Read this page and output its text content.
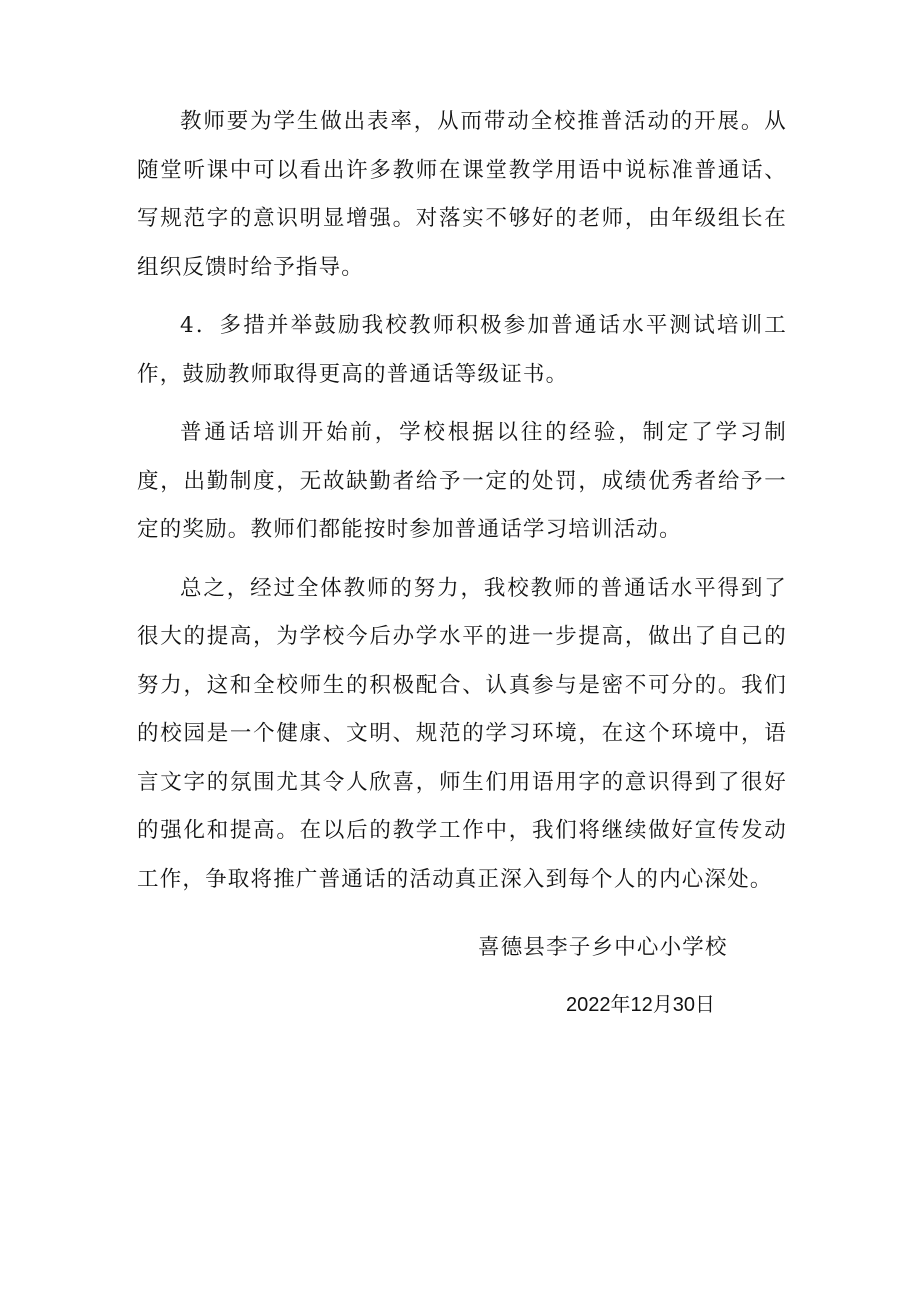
教师要为学生做出表率，从而带动全校推普活动的开展。从随堂听课中可以看出许多教师在课堂教学用语中说标准普通话、写规范字的意识明显增强。对落实不够好的老师，由年级组长在组织反馈时给予指导。

4．多措并举鼓励我校教师积极参加普通话水平测试培训工作，鼓励教师取得更高的普通话等级证书。

普通话培训开始前，学校根据以往的经验，制定了学习制度，出勤制度，无故缺勤者给予一定的处罚，成绩优秀者给予一定的奖励。教师们都能按时参加普通话学习培训活动。

总之，经过全体教师的努力，我校教师的普通话水平得到了很大的提高，为学校今后办学水平的进一步提高，做出了自己的努力，这和全校师生的积极配合、认真参与是密不可分的。我们的校园是一个健康、文明、规范的学习环境，在这个环境中，语言文字的氛围尤其令人欣喜，师生们用语用字的意识得到了很好的强化和提高。在以后的教学工作中，我们将继续做好宣传发动工作，争取将推广普通话的活动真正深入到每个人的内心深处。

喜德县李子乡中心小学校
2022年12月30日
